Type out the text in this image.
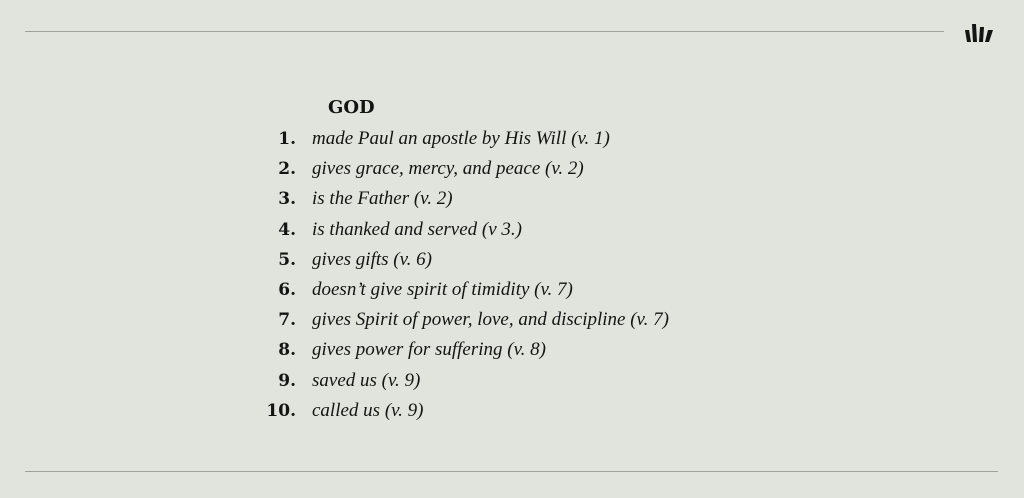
GOD
1. made Paul an apostle by His Will (v. 1)
2. gives grace, mercy, and peace (v. 2)
3. is the Father (v. 2)
4. is thanked and served (v 3.)
5. gives gifts (v. 6)
6. doesn’t give spirit of timidity (v. 7)
7. gives Spirit of power, love, and discipline (v. 7)
8. gives power for suffering (v. 8)
9. saved us (v. 9)
10. called us (v. 9)
